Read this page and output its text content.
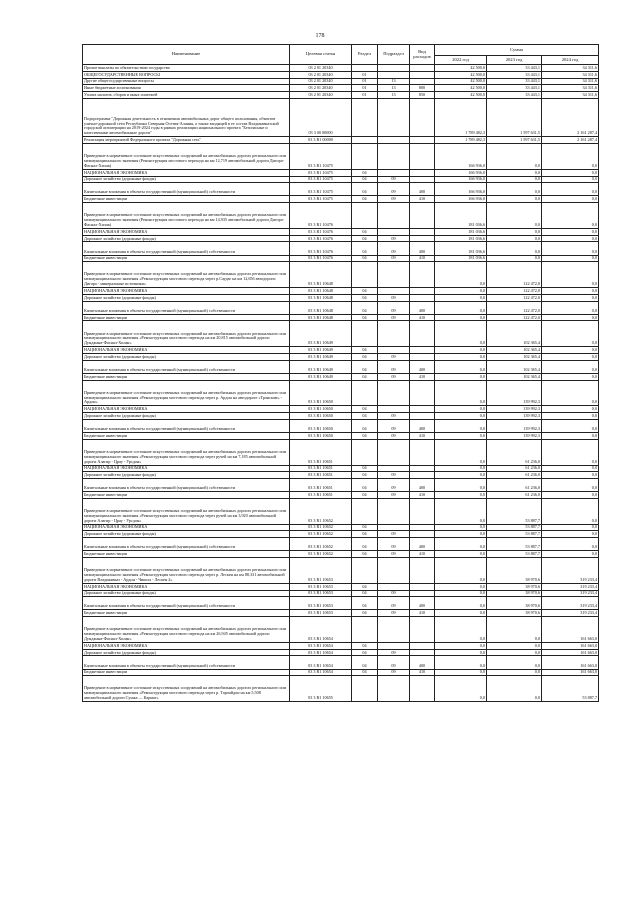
178
Наименование	Целевая статья	Раздел	Подраздел	Вид расходов	Сумма		
					2022 год	2023 год	2024 год
Прочие выплаты по обязательствам государства	03 2 01 20340				42 500,0	33 443,1	34 311,6
ОБЩЕГОСУДАРСТВЕННЫЕ ВОПРОСЫ	03 2 01 20340	01			42 500,0	33 443,1	34 311,6
Другие общегосударственные вопросы	03 2 01 20340	01	13		42 500,0	33 443,1	34 311,6
Иные бюджетные ассигнования	03 2 01 20340	01	13	800	42 500,0	33 443,1	34 311,6
Уплата налогов, сборов и иных платежей	03 2 01 20340	01	13	850	42 500,0	33 443,1	34 311,6
Подпрограмма "Дорожная деятельность в отношении автомобильных дорог общего пользования, объектов улично-дорожной сети Республики Северная Осетия-Алания, а также входящей в ее состав Владикавказской городской агломерации на 2019-2024 годы в рамках реализации национального проекта "Безопасные и качественные автомобильные дороги"	03 3 00 00000				1 789 482,3	1 597 631,5	2 161 287,4
Реализация мероприятий Федерального проекта "Дорожная сеть"	03 3 R1 00000				1 789 482,3	1 597 631,5	2 161 287,4
Приведение в нормативное состояние искусственных сооружений на автомобильных дорогах регионального или межмуниципального значения (Реконструкция мостового перехода на км 12,719 автомобильной дороги Дигора-Фаснал-Хилак)	03 3 R1 10475				166 936,0	0,0	0,0
НАЦИОНАЛЬНАЯ ЭКОНОМИКА	03 3 R1 10475	04			166 936,0	0,0	0,0
Дорожное хозяйство (дорожные фонды)	03 3 R1 10475	04	09		166 936,0	0,0	0,0
Капитальные вложения в объекты государственной (муниципальной) собственности	03 3 R1 10475	04	09	400	166 936,0	0,0	0,0
Бюджетные инвестиции	03 3 R1 10475	04	09	410	166 936,0	0,0	0,0
Приведение в нормативное состояние искусственных сооружений на автомобильных дорогах регионального или межмуниципального значения (Реконструкция мостового перехода на км 14,935 автомобильной дороги Дигора-Фаснал-Хилак)	03 3 R1 10476				181 036,6	0,0	0,0
НАЦИОНАЛЬНАЯ ЭКОНОМИКА	03 3 R1 10476	04			181 036,6	0,0	0,0
Дорожное хозяйство (дорожные фонды)	03 3 R1 10476	04	09		181 036,6	0,0	0,0
Капитальные вложения в объекты государственной (муниципальной) собственности	03 3 R1 10476	04	09	400	181 036,6	0,0	0,0
Бюджетные инвестиции	03 3 R1 10476	04	09	410	181 036,6	0,0	0,0
Приведение в нормативное состояние искусственных сооружений на автомобильных дорогах регионального или межмуниципального значения «Реконструкция мостового перехода через р.Саудаг на км 12,656 автодороги Дигора - минеральные источники»	03 3 R1 10648				0,0	122 472,0	0,0
НАЦИОНАЛЬНАЯ ЭКОНОМИКА	03 3 R1 10648	04			0,0	122 472,0	0,0
Дорожное хозяйство (дорожные фонды)	03 3 R1 10648	04	09		0,0	122 472,0	0,0
Капитальные вложения в объекты государственной (муниципальной) собственности	03 3 R1 10648	04	09	400	0,0	122 472,0	0,0
Бюджетные инвестиции	03 3 R1 10648	04	09	410	0,0	122 472,0	0,0
Приведение в нормативное состояние искусственных сооружений на автомобильных дорогах регионального или межмуниципального значения «Реконструкция мостового перехода на км 20,815 автомобильной дороги Дунджана-Фаснал-Хилак»	03 3 R1 10649				0,0	102 365,4	0,0
НАЦИОНАЛЬНАЯ ЭКОНОМИКА	03 3 R1 10649	04			0,0	102 365,4	0,0
Дорожное хозяйство (дорожные фонды)	03 3 R1 10649	04	09		0,0	102 365,4	0,0
Капитальные вложения в объекты государственной (муниципальной) собственности	03 3 R1 10649	04	09	400	0,0	102 365,4	0,0
Бюджетные инвестиции	03 3 R1 10649	04	09	410	0,0	102 365,4	0,0
Приведение в нормативное состояние искусственных сооружений на автомобильных дорогах регионального или межмуниципального значения «Реконструкция мостового перехода через р. Ардон на автодороге «Транскам» - Ардон»	03 3 R1 10650				0,0	139 992,3	0,0
НАЦИОНАЛЬНАЯ ЭКОНОМИКА	03 3 R1 10650	04			0,0	139 992,3	0,0
Дорожное хозяйство (дорожные фонды)	03 3 R1 10650	04	09		0,0	139 992,3	0,0
Капитальные вложения в объекты государственной (муниципальной) собственности	03 3 R1 10650	04	09	400	0,0	139 992,3	0,0
Бюджетные инвестиции	03 3 R1 10650	04	09	410	0,0	139 992,3	0,0
Приведение в нормативное состояние искусственных сооружений на автомобильных дорогах регионального или межмуниципального значения «Реконструкция мостового перехода через ручей на км 7,185 автомобильной дороги Алагир - Црау - Урсдон»	03 3 R1 10651				0,0	61 236,0	0,0
НАЦИОНАЛЬНАЯ ЭКОНОМИКА	03 3 R1 10651	04			0,0	61 236,0	0,0
Дорожное хозяйство (дорожные фонды)	03 3 R1 10651	04	09		0,0	61 236,0	0,0
Капитальные вложения в объекты государственной (муниципальной) собственности	03 3 R1 10651	04	09	400	0,0	61 236,0	0,0
Бюджетные инвестиции	03 3 R1 10651	04	09	410	0,0	61 236,0	0,0
Приведение в нормативное состояние искусственных сооружений на автомобильных дорогах регионального или межмуниципального значения «Реконструкция мостового перехода через ручей на км 3,920 автомобильной дороги Алагир - Црау - Урсдон»	03 3 R1 10652				0,0	53 887,7	0,0
НАЦИОНАЛЬНАЯ ЭКОНОМИКА	03 3 R1 10652	04			0,0	53 887,7	0,0
Дорожное хозяйство (дорожные фонды)	03 3 R1 10652	04	09		0,0	53 887,7	0,0
Капитальные вложения в объекты государственной (муниципальной) собственности	03 3 R1 10652	04	09	400	0,0	53 887,7	0,0
Бюджетные инвестиции	03 3 R1 10652	04	09	410	0,0	53 887,7	0,0
Приведение в нормативное состояние искусственных сооружений на автомобильных дорогах регионального или межмуниципального значения «Реконструкция мостового перехода через р. Лескен на км 88,331 автомобильной дороги Владикавказ - Ардон - Чикола - Лескен 2»	03 3 R1 10653				0,0	38 970,6	319 233,4
НАЦИОНАЛЬНАЯ ЭКОНОМИКА	03 3 R1 10653	04			0,0	38 970,6	319 233,4
Дорожное хозяйство (дорожные фонды)	03 3 R1 10653	04	09		0,0	38 970,6	319 233,4
Капитальные вложения в объекты государственной (муниципальной) собственности	03 3 R1 10653	04	09	400	0,0	38 970,6	319 233,4
Бюджетные инвестиции	03 3 R1 10653	04	09	410	0,0	38 970,6	319 233,4
Приведение в нормативное состояние искусственных сооружений на автомобильных дорогах регионального или межмуниципального значения «Реконструкция мостового перехода на км 26,945 автомобильной дороги Дунджана-Фаснал-Хилак»	03 3 R1 10654				0,0	0,0	161 663,0
НАЦИОНАЛЬНАЯ ЭКОНОМИКА	03 3 R1 10654	04			0,0	0,0	161 663,0
Дорожное хозяйство (дорожные фонды)	03 3 R1 10654	04	09		0,0	0,0	161 663,0
Капитальные вложения в объекты государственной (муниципальной) собственности	03 3 R1 10654	04	09	400	0,0	0,0	161 663,0
Бюджетные инвестиции	03 3 R1 10654	04	09	410	0,0	0,0	161 663,0
Приведение в нормативное состояние искусственных сооружений на автомобильных дорогах регионального или межмуниципального значения «Реконструкция мостового перехода через р. Тарпайдон на км 5,508 автомобильной дороги Сунжа — Кармаг»	03 3 R1 10655				0,0	0,0	53 887,7
